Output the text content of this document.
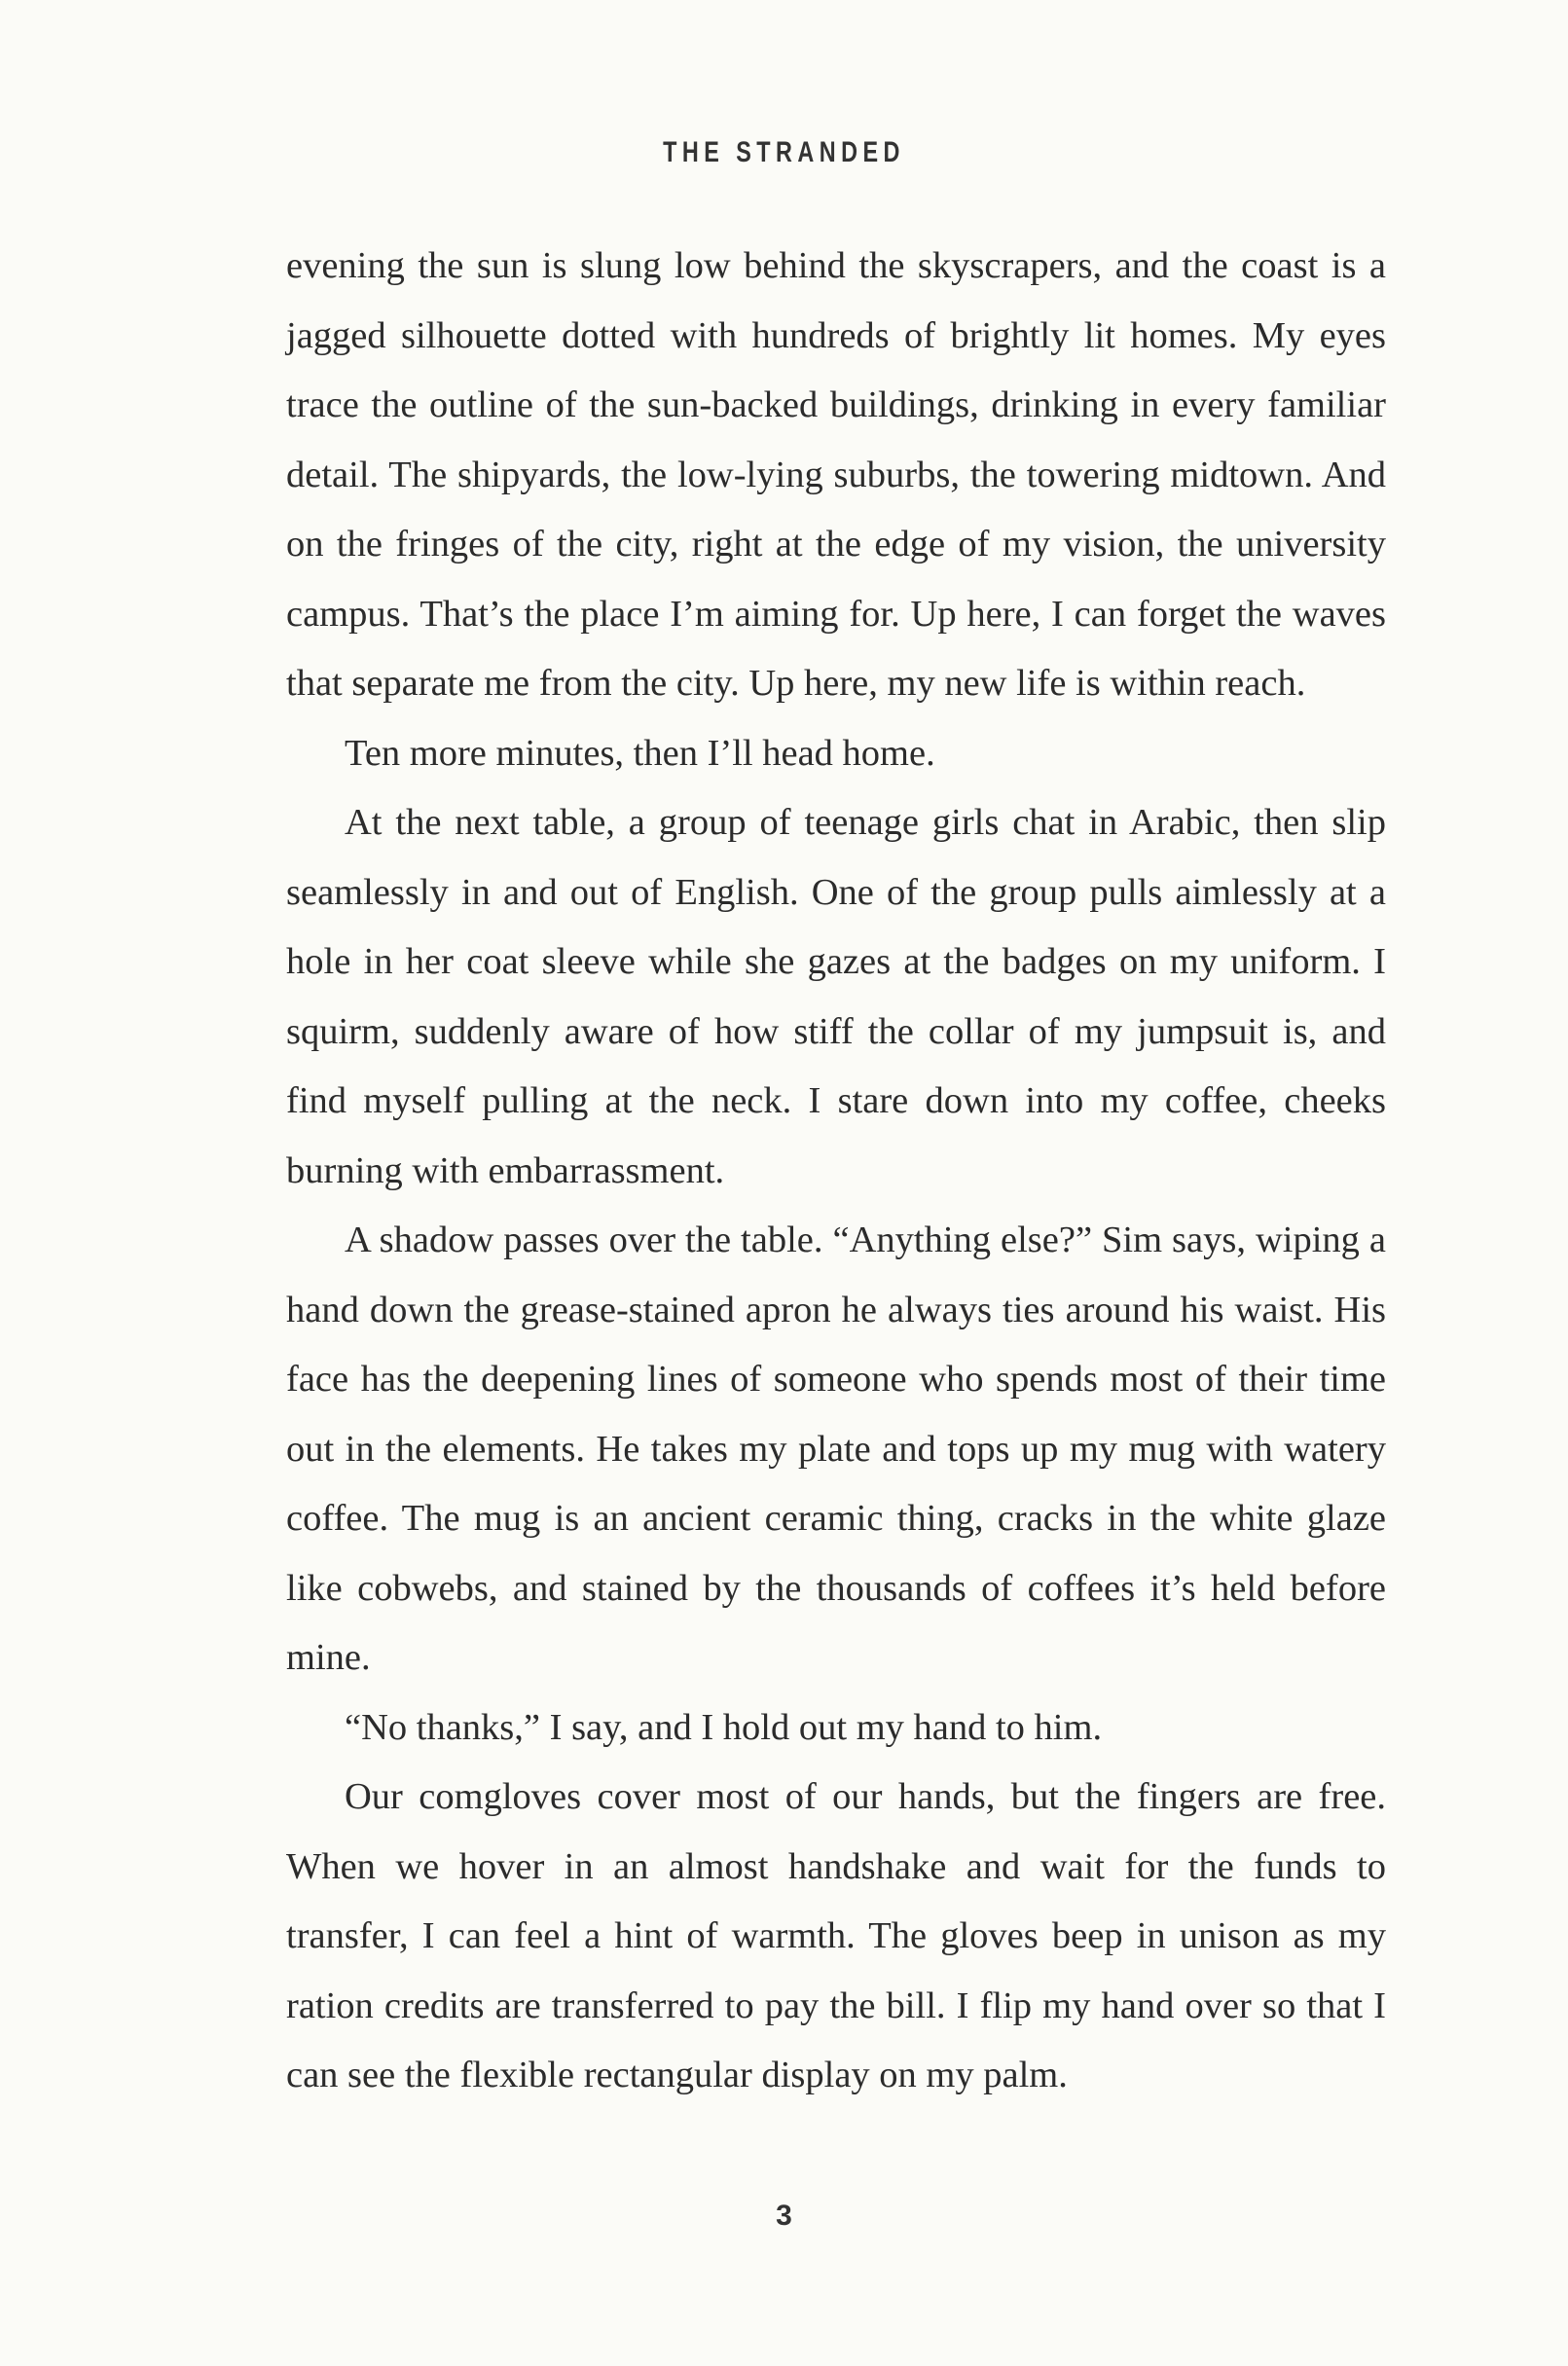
THE STRANDED

evening the sun is slung low behind the skyscrapers, and the coast is a jagged silhouette dotted with hundreds of brightly lit homes. My eyes trace the outline of the sun-backed buildings, drinking in every familiar detail. The shipyards, the low-lying suburbs, the towering midtown. And on the fringes of the city, right at the edge of my vision, the university campus. That’s the place I’m aiming for. Up here, I can forget the waves that separate me from the city. Up here, my new life is within reach.

Ten more minutes, then I’ll head home.

At the next table, a group of teenage girls chat in Arabic, then slip seamlessly in and out of English. One of the group pulls aimlessly at a hole in her coat sleeve while she gazes at the badges on my uniform. I squirm, suddenly aware of how stiff the collar of my jumpsuit is, and find myself pulling at the neck. I stare down into my coffee, cheeks burning with embarrassment.

A shadow passes over the table. “Anything else?” Sim says, wiping a hand down the grease-stained apron he always ties around his waist. His face has the deepening lines of someone who spends most of their time out in the elements. He takes my plate and tops up my mug with watery coffee. The mug is an ancient ceramic thing, cracks in the white glaze like cobwebs, and stained by the thousands of coffees it’s held before mine.

“No thanks,” I say, and I hold out my hand to him.

Our comgloves cover most of our hands, but the fingers are free. When we hover in an almost handshake and wait for the funds to transfer, I can feel a hint of warmth. The gloves beep in unison as my ration credits are transferred to pay the bill. I flip my hand over so that I can see the flexible rectangular display on my palm.

3
